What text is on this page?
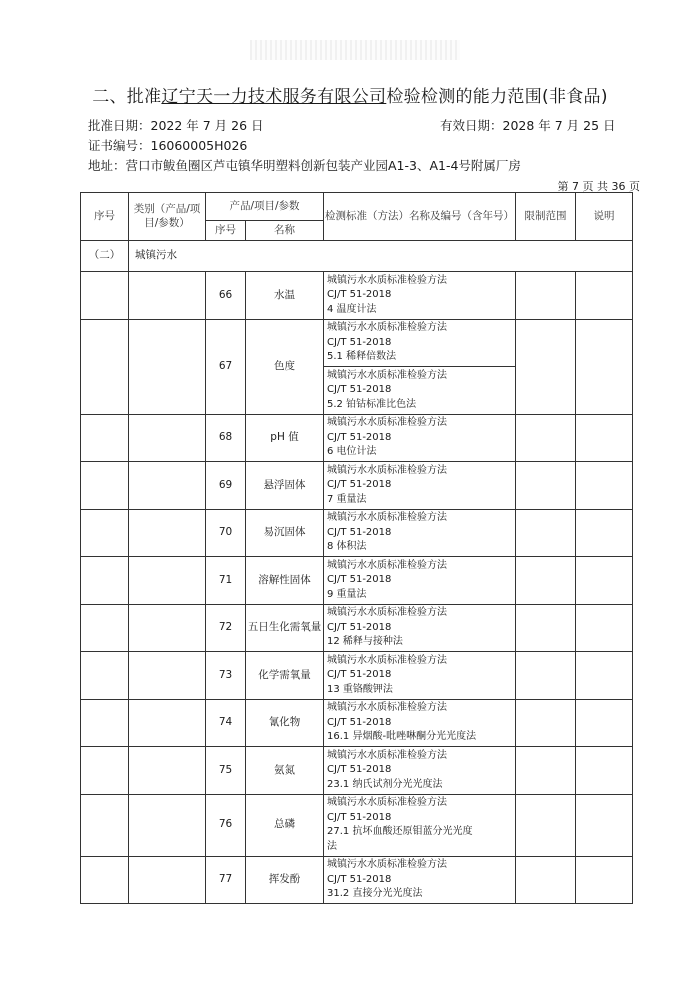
二、批准辽宁天一力技术服务有限公司检验检测的能力范围(非食品)
批准日期：2022 年 7 月 26 日	有效日期：2028 年 7 月 25 日
证书编号：16060005H026
地址：营口市鲅鱼圈区芦屯镇华明塑料创新包装产业园A1-3、A1-4号附属厂房
第 7 页 共 36 页
序号	类别（产品/项目/参数）	产品/项目/参数		检测标准（方法）名称及编号（含年号）	限制范围	说明
		序号	名称			
（二）	城镇污水					
		66	水温	城镇污水水质标准检验方法
CJ/T 51-2018
4 温度计法		

		67	色度	城镇污水水质标准检验方法
CJ/T 51-2018
5.1 稀释倍数法		

				城镇污水水质标准检验方法
CJ/T 51-2018
5.2 铂钴标准比色法		

		68	pH 值	城镇污水水质标准检验方法
CJ/T 51-2018
6 电位计法		

		69	悬浮固体	城镇污水水质标准检验方法
CJ/T 51-2018
7 重量法		

		70	易沉固体	城镇污水水质标准检验方法
CJ/T 51-2018
8 体积法		

		71	溶解性固体	城镇污水水质标准检验方法
CJ/T 51-2018
9 重量法		

		72	五日生化需氧量	城镇污水水质标准检验方法
CJ/T 51-2018
12 稀释与接种法		

		73	化学需氧量	城镇污水水质标准检验方法
CJ/T 51-2018
13 重铬酸钾法		

		74	氰化物	城镇污水水质标准检验方法
CJ/T 51-2018
16.1 异烟酸-吡唑啉酮分光光度法		

		75	氨氮	城镇污水水质标准检验方法
CJ/T 51-2018
23.1 纳氏试剂分光光度法		

		76	总磷	城镇污水水质标准检验方法
CJ/T 51-2018
27.1 抗坏血酸还原钼蓝分光光度
法		

		77	挥发酚	城镇污水水质标准检验方法
CJ/T 51-2018
31.2 直接分光光度法		
